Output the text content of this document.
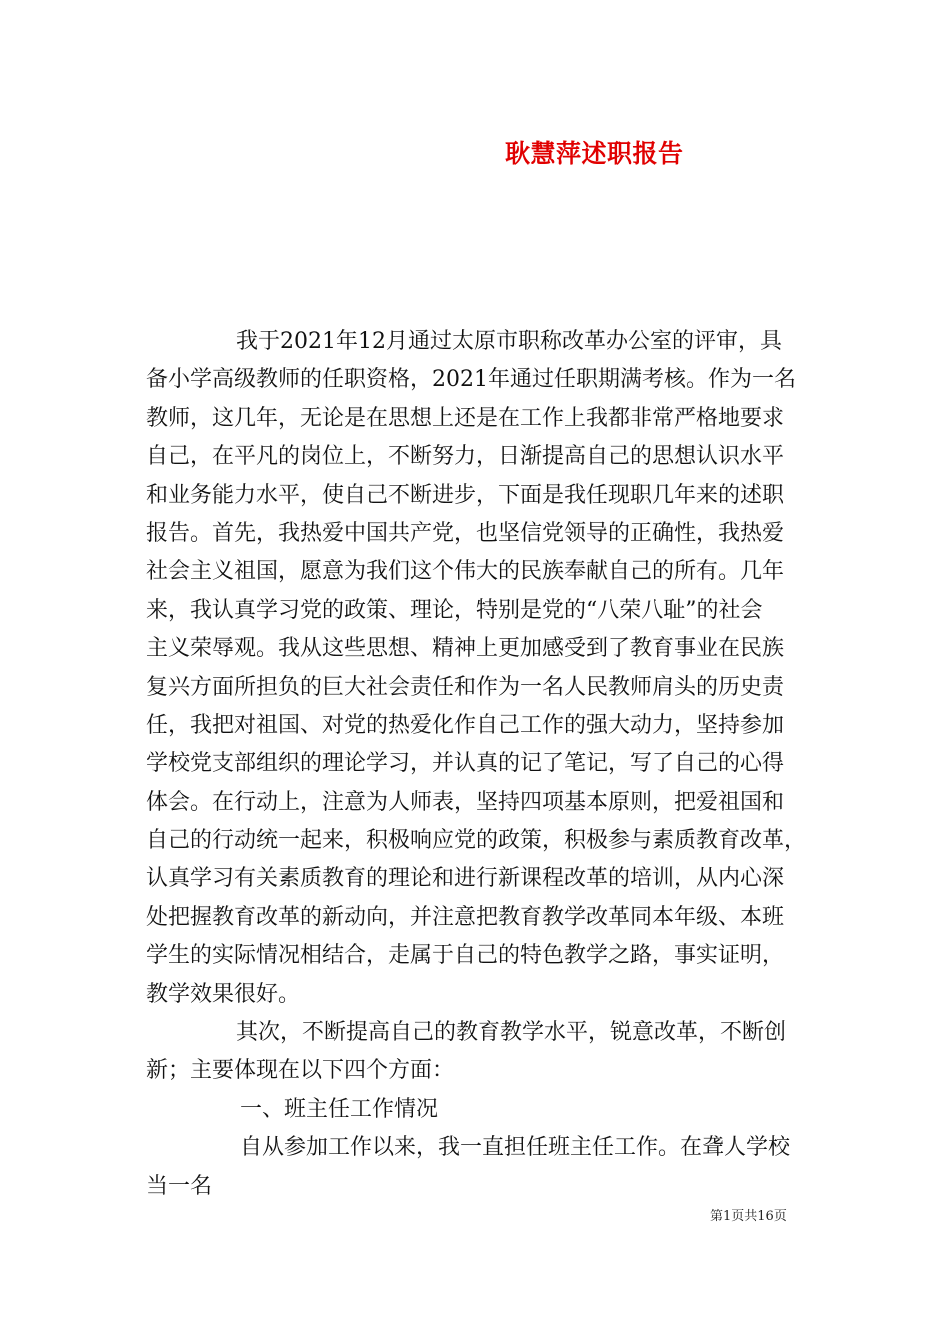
耿慧萍述职报告
我于2021年12月通过太原市职称改革办公室的评审，具
备小学高级教师的任职资格，2021年通过任职期满考核。作为一名
教师，这几年，无论是在思想上还是在工作上我都非常严格地要求
自己，在平凡的岗位上，不断努力，日渐提高自己的思想认识水平
和业务能力水平，使自己不断进步，下面是我任现职几年来的述职
报告。首先，我热爱中国共产党，也坚信党领导的正确性，我热爱
社会主义祖国，愿意为我们这个伟大的民族奉献自己的所有。几年
来，我认真学习党的政策、理论，特别是党的“八荣八耻”的社会
主义荣辱观。我从这些思想、精神上更加感受到了教育事业在民族
复兴方面所担负的巨大社会责任和作为一名人民教师肩头的历史责
任，我把对祖国、对党的热爱化作自己工作的强大动力，坚持参加
学校党支部组织的理论学习，并认真的记了笔记，写了自己的心得
体会。在行动上，注意为人师表，坚持四项基本原则，把爱祖国和
自己的行动统一起来，积极响应党的政策，积极参与素质教育改革，
认真学习有关素质教育的理论和进行新课程改革的培训，从内心深
处把握教育改革的新动向，并注意把教育教学改革同本年级、本班
学生的实际情况相结合，走属于自己的特色教学之路，事实证明，
教学效果很好。
其次，不断提高自己的教育教学水平，锐意改革，不断创
新；主要体现在以下四个方面：
一、班主任工作情况
自从参加工作以来，我一直担任班主任工作。在聋人学校
当一名
第1页共16页
